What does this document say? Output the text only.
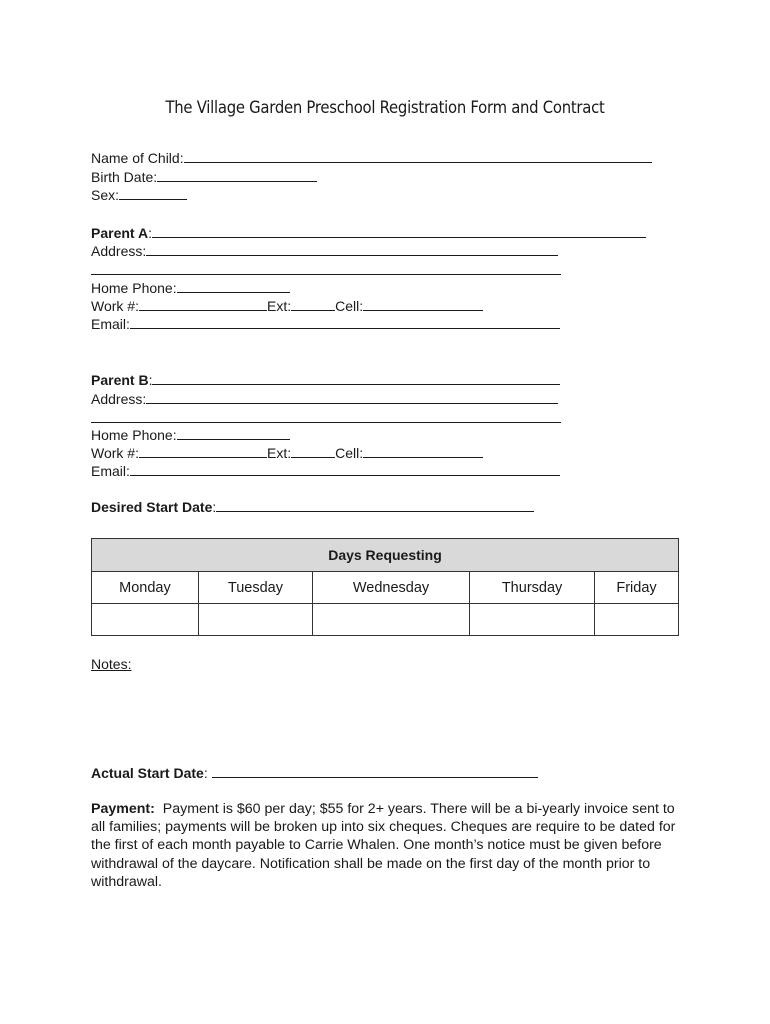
The Village Garden Preschool Registration Form and Contract
Name of Child:
Birth Date:
Sex:
Parent A:
Address:
Home Phone:
Work #:	Ext:	Cell:
Email:
Parent B:
Address:
Home Phone:
Work #:	Ext:	Cell:
Email:
Desired Start Date:
Days Requesting				
Monday	Tuesday	Wednesday	Thursday	Friday

Notes:
Actual Start Date:
Payment: Payment is $60 per day; $55 for 2+ years. There will be a bi-yearly invoice sent to all families; payments will be broken up into six cheques. Cheques are require to be dated for the first of each month payable to Carrie Whalen. One month’s notice must be given before withdrawal of the daycare. Notification shall be made on the first day of the month prior to withdrawal.
